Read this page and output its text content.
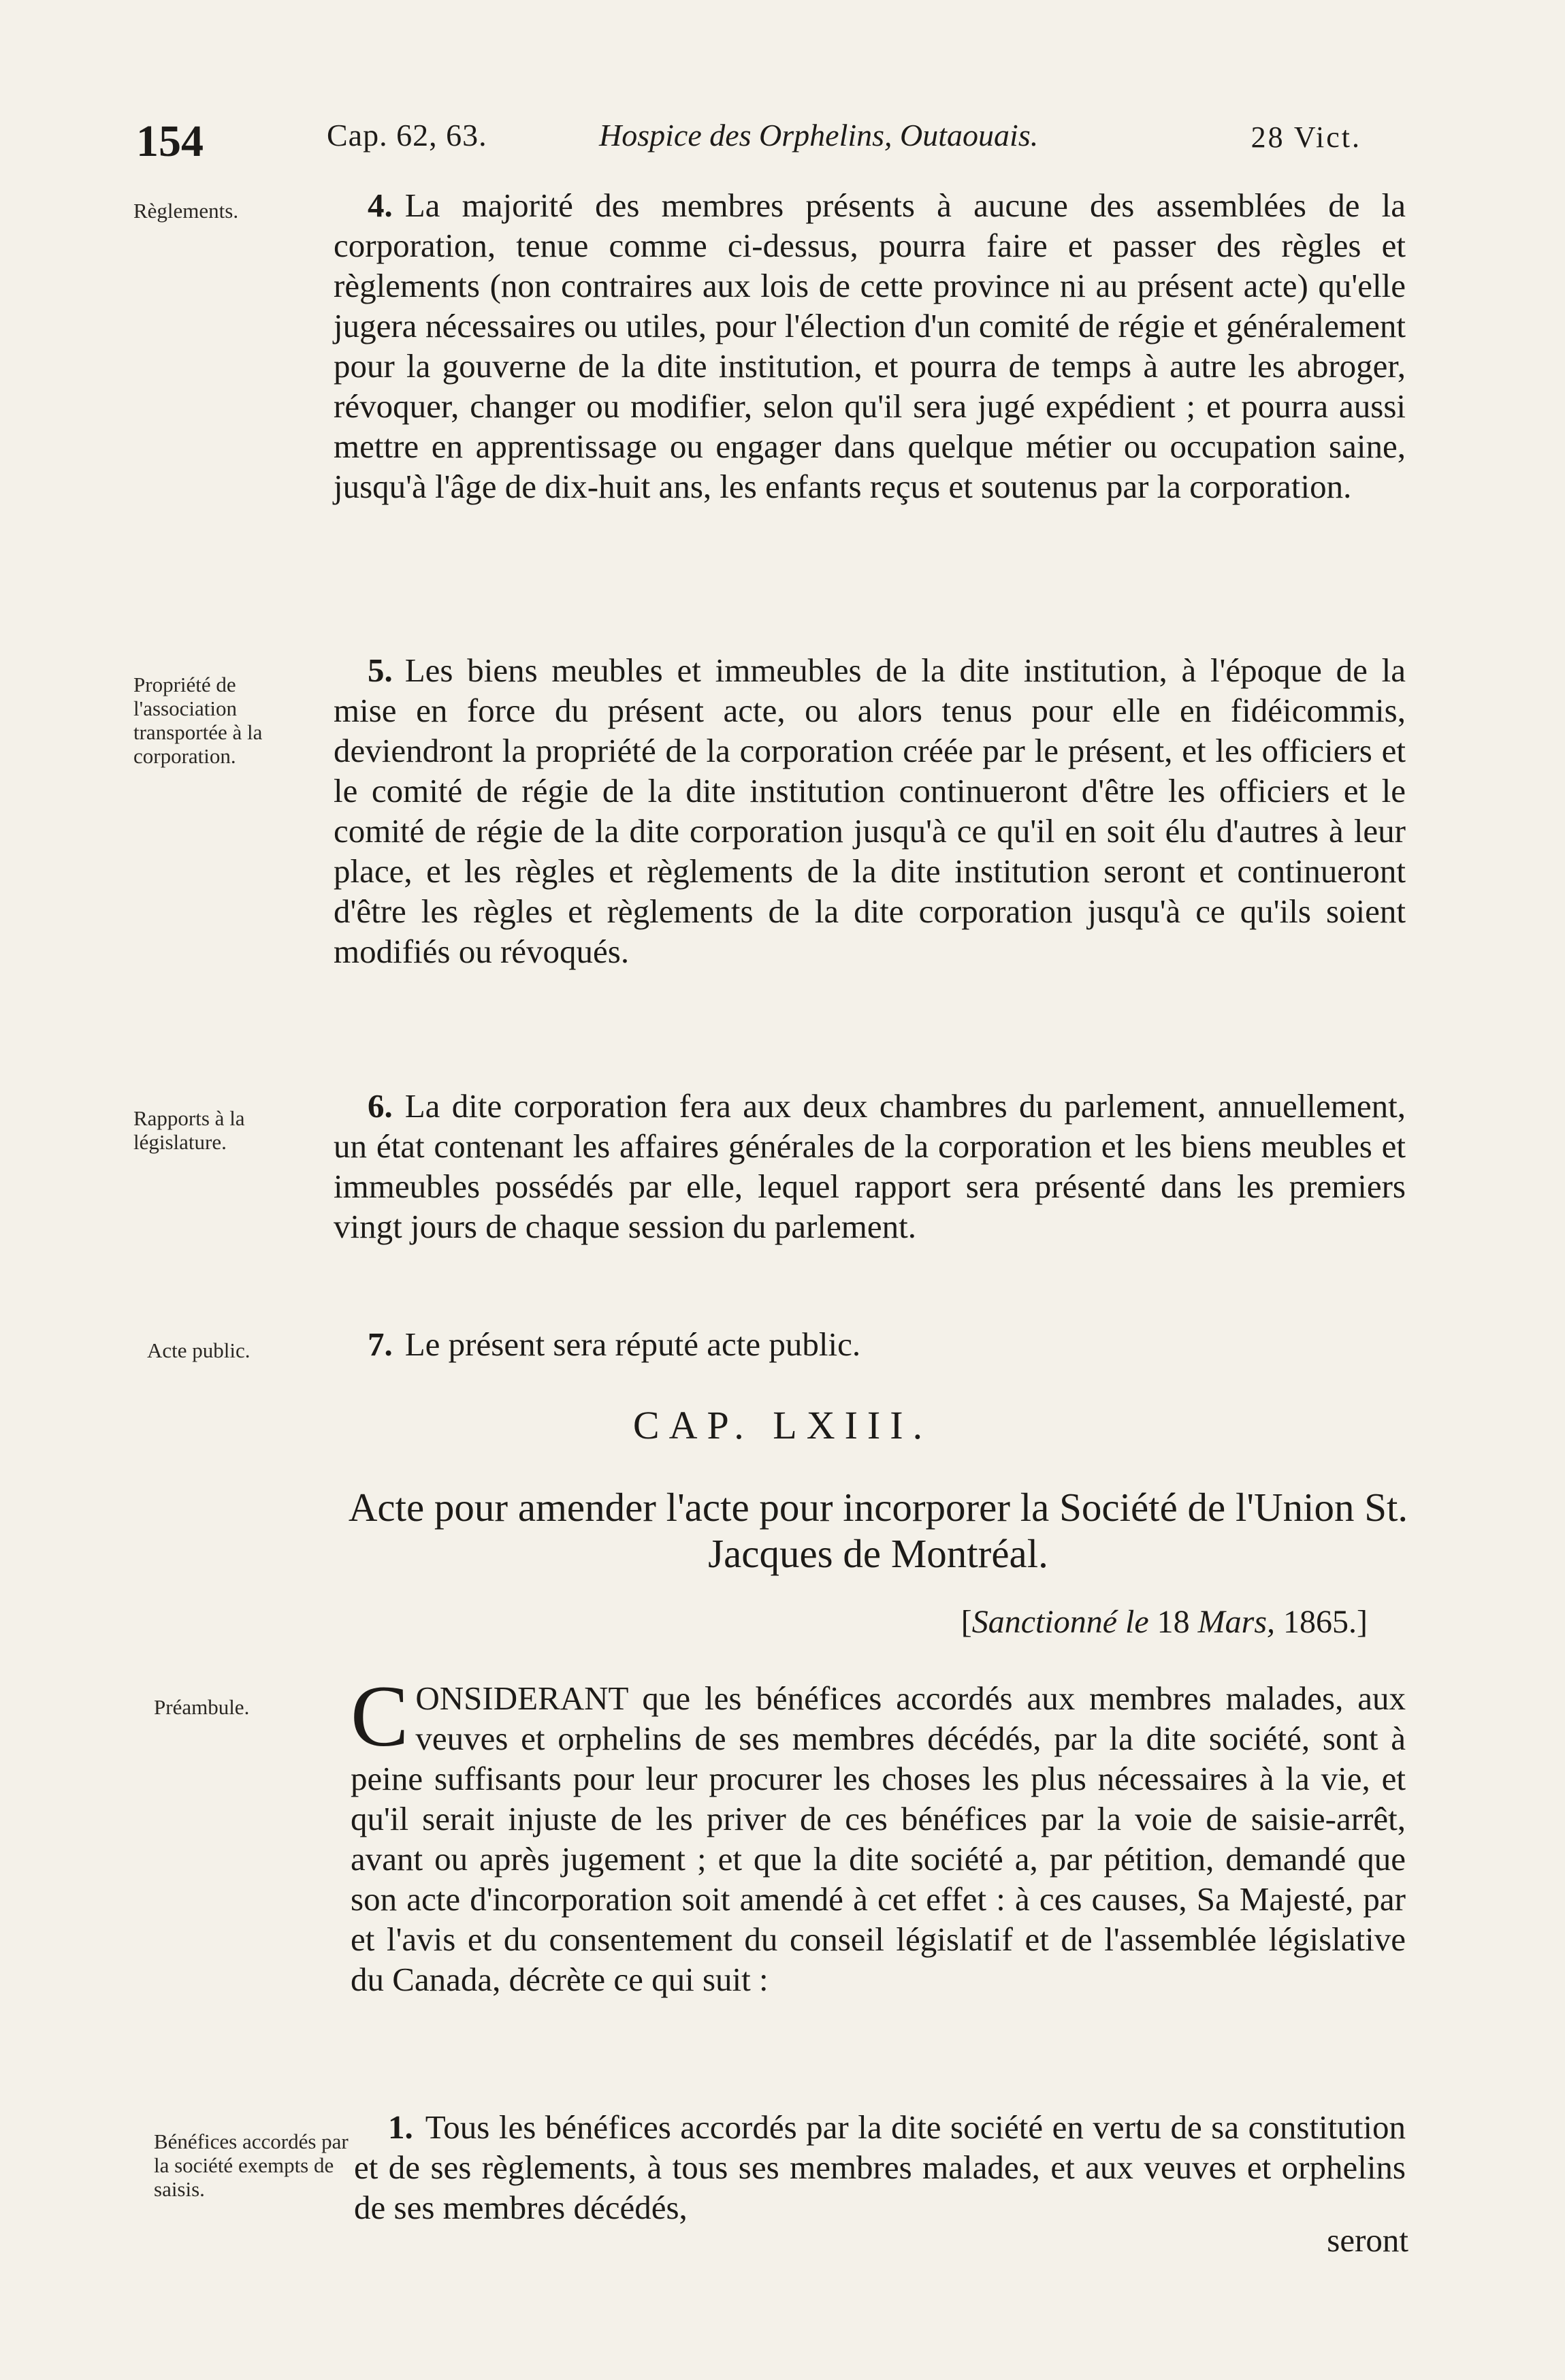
154	Cap. 62, 63.	Hospice des Orphelins, Outaouais.	28 Vict.
Règlements.	4. La majorité des membres présents à aucune des assemblées de la corporation, tenue comme ci-dessus, pourra faire et passer des règles et règlements (non contraires aux lois de cette province ni au présent acte) qu'elle jugera nécessaires ou utiles, pour l'élection d'un comité de régie et généralement pour la gouverne de la dite institution, et pourra de temps à autre les abroger, révoquer, changer ou modifier, selon qu'il sera jugé expédient ; et pourra aussi mettre en apprentissage ou engager dans quelque métier ou occupation saine, jusqu'à l'âge de dix-huit ans, les enfants reçus et soutenus par la corporation.
Propriété de l'association transportée à la corporation.
5. Les biens meubles et immeubles de la dite institution, à l'époque de la mise en force du présent acte, ou alors tenus pour elle en fidéicommis, deviendront la propriété de la corporation créée par le présent, et les officiers et le comité de régie de la dite institution continueront d'être les officiers et le comité de régie de la dite corporation jusqu'à ce qu'il en soit élu d'autres à leur place, et les règles et règlements de la dite institution seront et continueront d'être les règles et règlements de la dite corporation jusqu'à ce qu'ils soient modifiés ou révoqués.
Rapports à la législature.
6. La dite corporation fera aux deux chambres du parlement, annuellement, un état contenant les affaires générales de la corporation et les biens meubles et immeubles possédés par elle, lequel rapport sera présenté dans les premiers vingt jours de chaque session du parlement.
Acte public.	7. Le présent sera réputé acte public.
CAP. LXIII.
Acte pour amender l'acte pour incorporer la Société de l'Union St. Jacques de Montréal.
[Sanctionné le 18 Mars, 1865.]
Préambule.	CONSIDERANT que les bénéfices accordés aux membres malades, aux veuves et orphelins de ses membres décédés, par la dite société, sont à peine suffisants pour leur procurer les choses les plus nécessaires à la vie, et qu'il serait injuste de les priver de ces bénéfices par la voie de saisie-arrêt, avant ou après jugement ; et que la dite société a, par pétition, demandé que son acte d'incorporation soit amendé à cet effet : à ces causes, Sa Majesté, par et l'avis et du consentement du conseil législatif et de l'assemblée législative du Canada, décrète ce qui suit :
Bénéfices accordés par la société exempts de saisis.
1. Tous les bénéfices accordés par la dite société en vertu de sa constitution et de ses règlements, à tous ses membres malades, et aux veuves et orphelins de ses membres décédés,
seront
